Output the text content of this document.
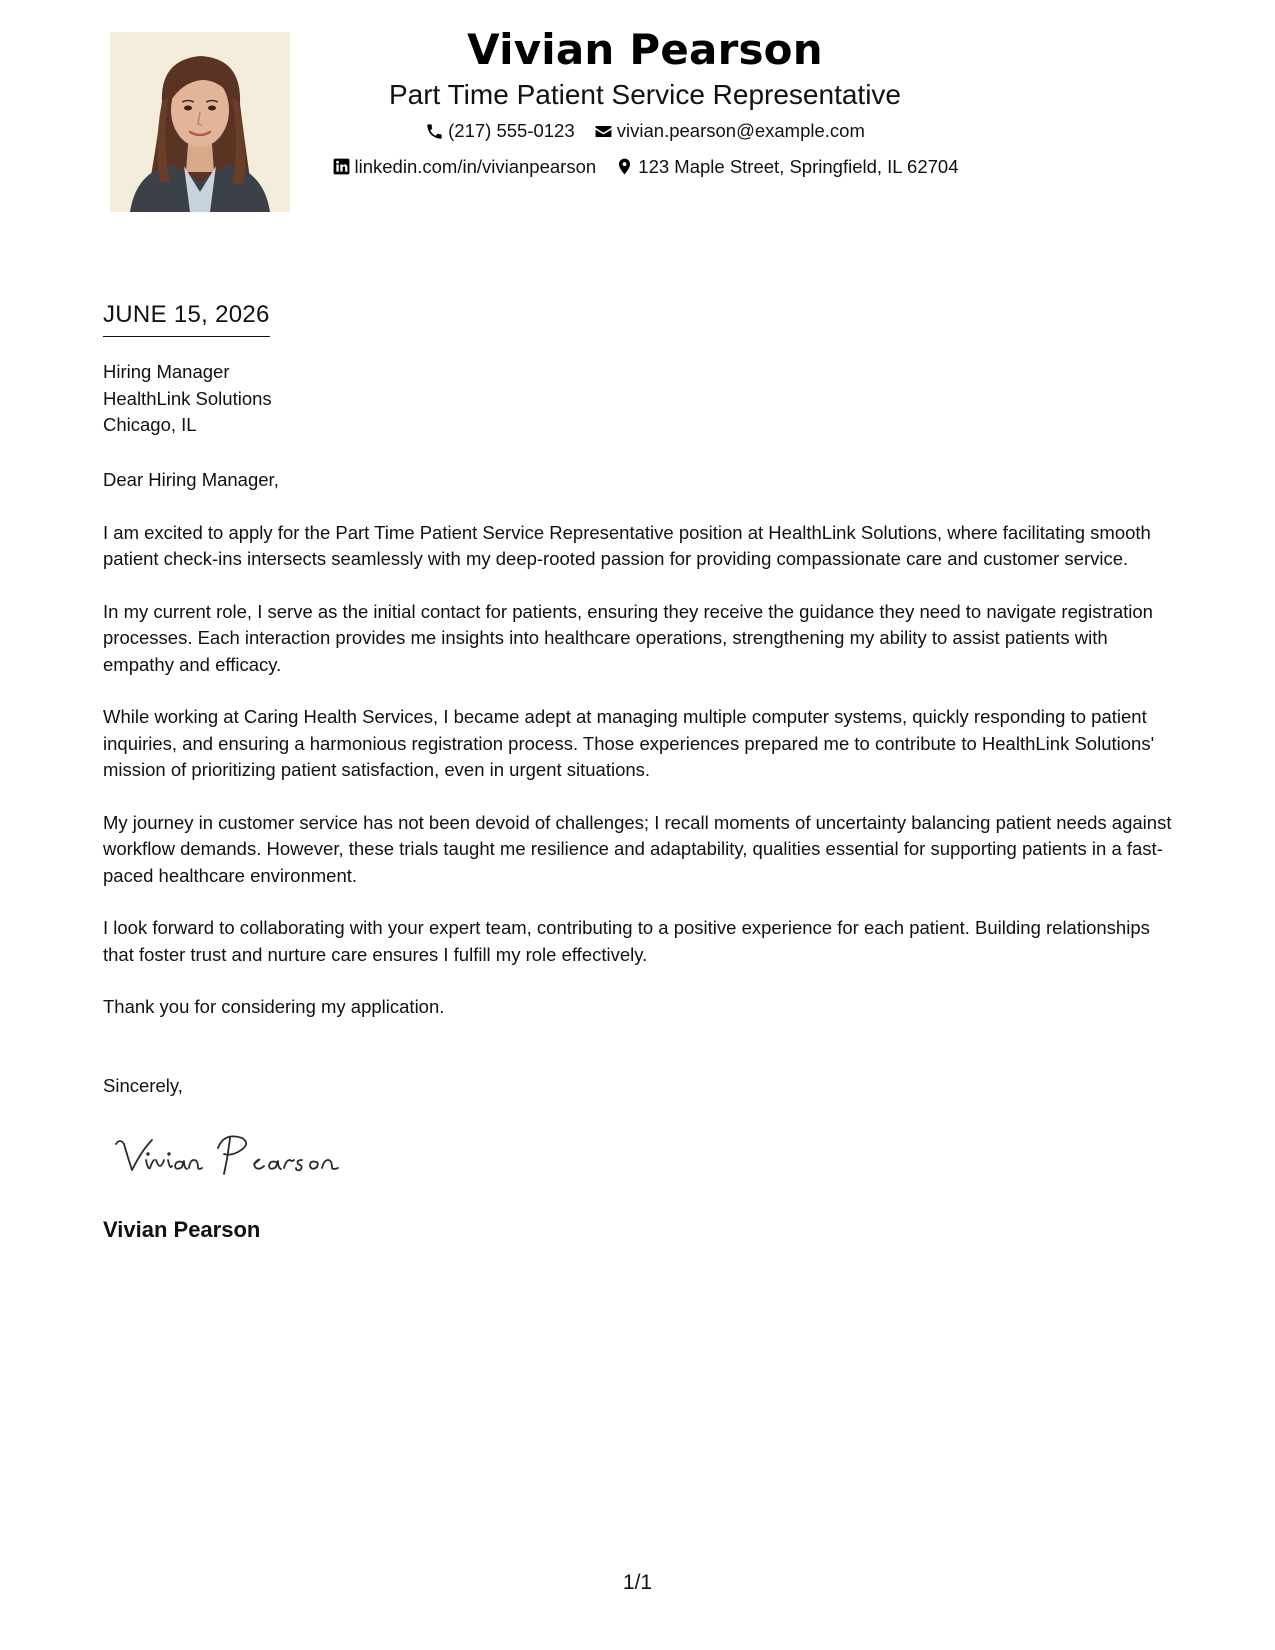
Vivian Pearson
Part Time Patient Service Representative
(217) 555-0123
vivian.pearson@example.com
linkedin.com/in/vivianpearson
123 Maple Street, Springfield, IL 62704
JUNE 15, 2026
Hiring Manager
HealthLink Solutions
Chicago, IL

Dear Hiring Manager,

I am excited to apply for the Part Time Patient Service Representative position at HealthLink Solutions, where facilitating smooth patient check-ins intersects seamlessly with my deep-rooted passion for providing compassionate care and customer service.

In my current role, I serve as the initial contact for patients, ensuring they receive the guidance they need to navigate registration processes. Each interaction provides me insights into healthcare operations, strengthening my ability to assist patients with empathy and efficacy.

While working at Caring Health Services, I became adept at managing multiple computer systems, quickly responding to patient inquiries, and ensuring a harmonious registration process. Those experiences prepared me to contribute to HealthLink Solutions' mission of prioritizing patient satisfaction, even in urgent situations.

My journey in customer service has not been devoid of challenges; I recall moments of uncertainty balancing patient needs against workflow demands. However, these trials taught me resilience and adaptability, qualities essential for supporting patients in a fast-paced healthcare environment.

I look forward to collaborating with your expert team, contributing to a positive experience for each patient. Building relationships that foster trust and nurture care ensures I fulfill my role effectively.

Thank you for considering my application.

Sincerely,
Vivian Pearson
1/1
